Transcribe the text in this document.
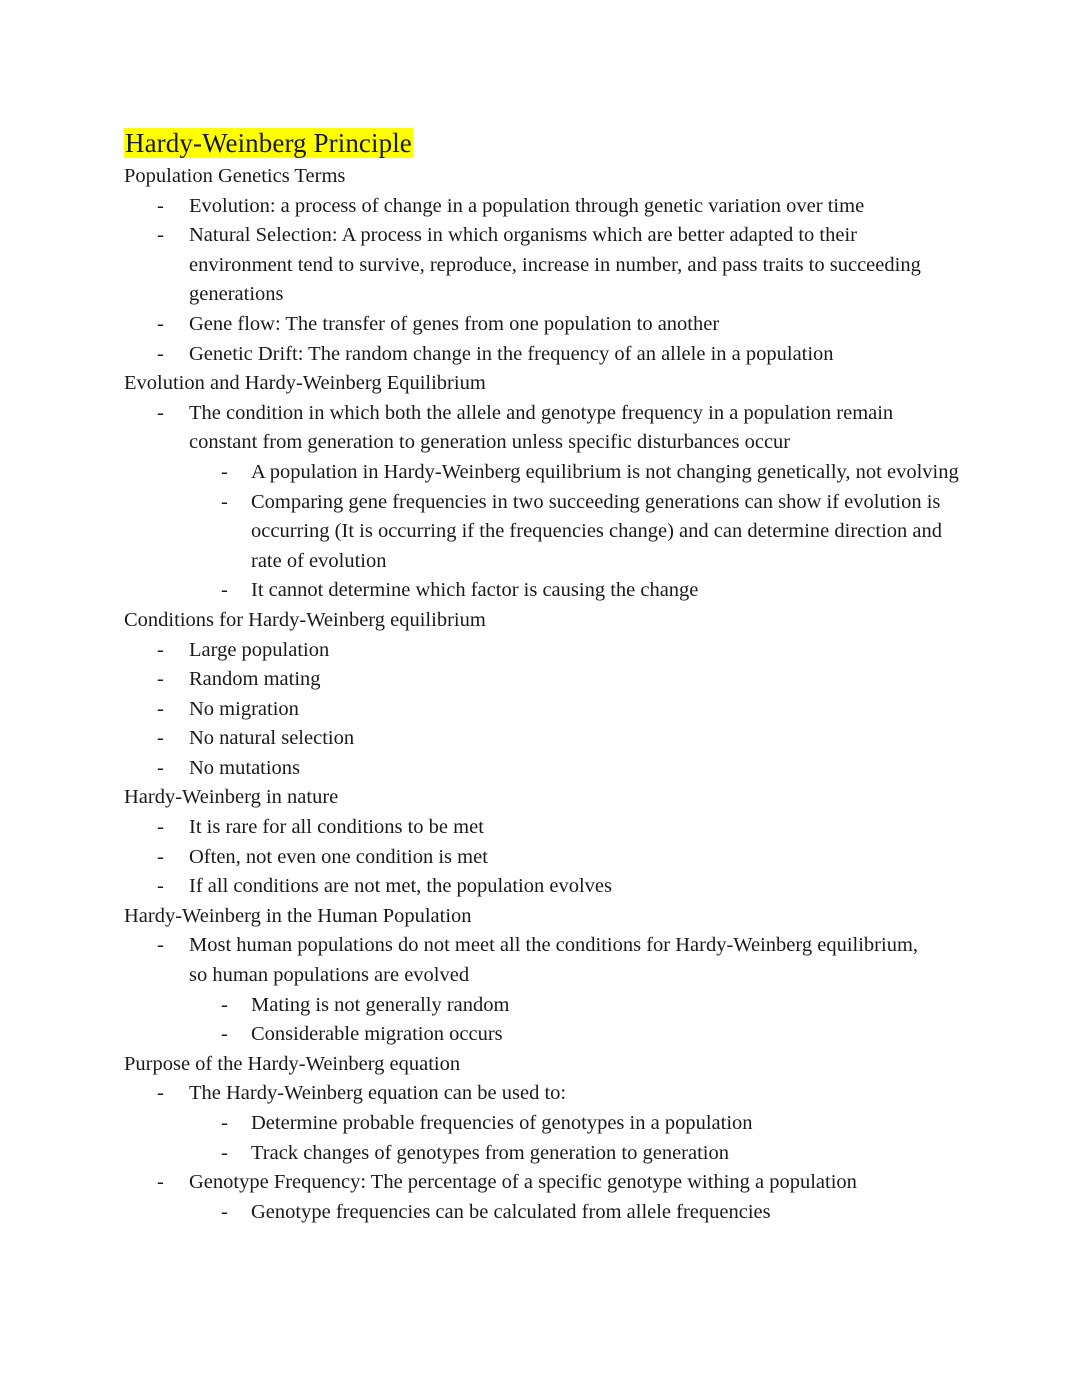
Hardy-Weinberg Principle
Population Genetics Terms
-	Evolution: a process of change in a population through genetic variation over time
-	Natural Selection: A process in which organisms which are better adapted to their environment tend to survive, reproduce, increase in number, and pass traits to succeeding generations
-	Gene flow: The transfer of genes from one population to another
-	Genetic Drift: The random change in the frequency of an allele in a population
Evolution and Hardy-Weinberg Equilibrium
-	The condition in which both the allele and genotype frequency in a population remain constant from generation to generation unless specific disturbances occur
-	A population in Hardy-Weinberg equilibrium is not changing genetically, not evolving
-	Comparing gene frequencies in two succeeding generations can show if evolution is occurring (It is occurring if the frequencies change) and can determine direction and rate of evolution
-	It cannot determine which factor is causing the change
Conditions for Hardy-Weinberg equilibrium
-	Large population
-	Random mating
-	No migration
-	No natural selection
-	No mutations
Hardy-Weinberg in nature
-	It is rare for all conditions to be met
-	Often, not even one condition is met
-	If all conditions are not met, the population evolves
Hardy-Weinberg in the Human Population
-	Most human populations do not meet all the conditions for Hardy-Weinberg equilibrium, so human populations are evolved
-	Mating is not generally random
-	Considerable migration occurs
Purpose of the Hardy-Weinberg equation
-	The Hardy-Weinberg equation can be used to:
-	Determine probable frequencies of genotypes in a population
-	Track changes of genotypes from generation to generation
-	Genotype Frequency: The percentage of a specific genotype withing a population
-	Genotype frequencies can be calculated from allele frequencies
